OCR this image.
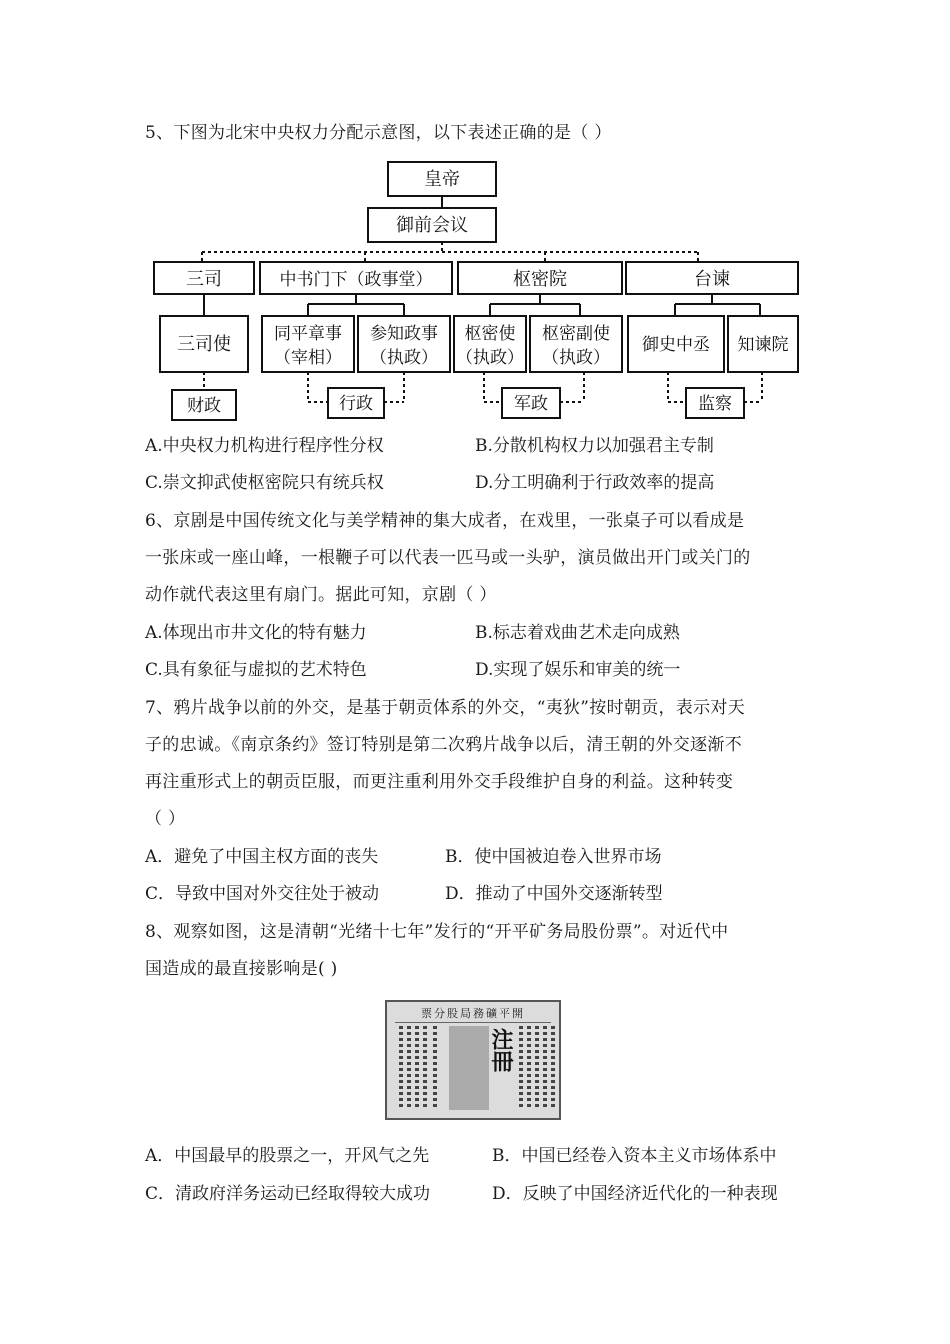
5、下图为北宋中央权力分配示意图，以下表述正确的是（ ）
皇帝
御前会议
三司	中书门下（政事堂）	枢密院	台谏
三司使	同平章事
（宰相）
参知政事
（执政）
枢密使
（执政）
枢密副使
（执政）
御史中丞 知谏院
财政	行政	军政	监察
A.中央权力机构进行程序性分权	B.分散机构权力以加强君主专制
C.崇文抑武使枢密院只有统兵权	D.分工明确利于行政效率的提高
6、京剧是中国传统文化与美学精神的集大成者，在戏里，一张桌子可以看成是
一张床或一座山峰，一根鞭子可以代表一匹马或一头驴，演员做出开门或关门的
动作就代表这里有扇门。据此可知，京剧（ ）
A.体现出市井文化的特有魅力	B.标志着戏曲艺术走向成熟
C.具有象征与虚拟的艺术特色	D.实现了娱乐和审美的统一
7、鸦片战争以前的外交，是基于朝贡体系的外交，“夷狄”按时朝贡，表示对天
子的忠诚。《南京条约》签订特别是第二次鸦片战争以后，清王朝的外交逐渐不
再注重形式上的朝贡臣服，而更注重利用外交手段维护自身的利益。这种转变
（ ）
A．避免了中国主权方面的丧失	B．使中国被迫卷入世界市场
C．导致中国对外交往处于被动	D．推动了中国外交逐渐转型
8、观察如图，这是清朝“光绪十七年”发行的“开平矿务局股份票”。对近代中
国造成的最直接影响是( )
開平礦務局股分票
注冊
A．中国最早的股票之一，开风气之先	B．中国已经卷入资本主义市场体系中
C．清政府洋务运动已经取得较大成功	D．反映了中国经济近代化的一种表现
